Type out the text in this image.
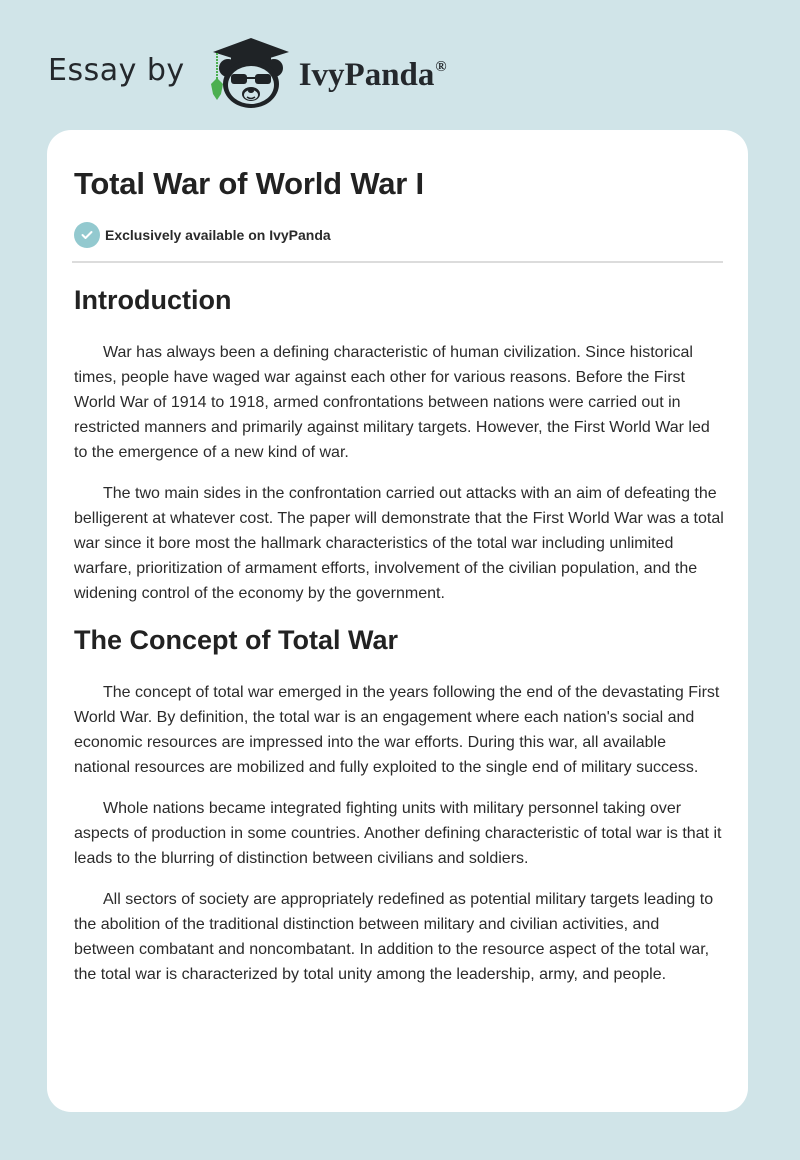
Essay by	IvyPanda®
Total War of World War I
Exclusively available on IvyPanda
Introduction

War has always been a defining characteristic of human civilization. Since historical times, people have waged war against each other for various reasons. Before the First World War of 1914 to 1918, armed confrontations between nations were carried out in restricted manners and primarily against military targets. However, the First World War led to the emergence of a new kind of war.

The two main sides in the confrontation carried out attacks with an aim of defeating the belligerent at whatever cost. The paper will demonstrate that the First World War was a total war since it bore most the hallmark characteristics of the total war including unlimited warfare, prioritization of armament efforts, involvement of the civilian population, and the widening control of the economy by the government.

The Concept of Total War

The concept of total war emerged in the years following the end of the devastating First World War. By definition, the total war is an engagement where each nation's social and economic resources are impressed into the war efforts. During this war, all available national resources are mobilized and fully exploited to the single end of military success.

Whole nations became integrated fighting units with military personnel taking over aspects of production in some countries. Another defining characteristic of total war is that it leads to the blurring of distinction between civilians and soldiers.

All sectors of society are appropriately redefined as potential military targets leading to the abolition of the traditional distinction between military and civilian activities, and between combatant and noncombatant. In addition to the resource aspect of the total war, the total war is characterized by total unity among the leadership, army, and people.
